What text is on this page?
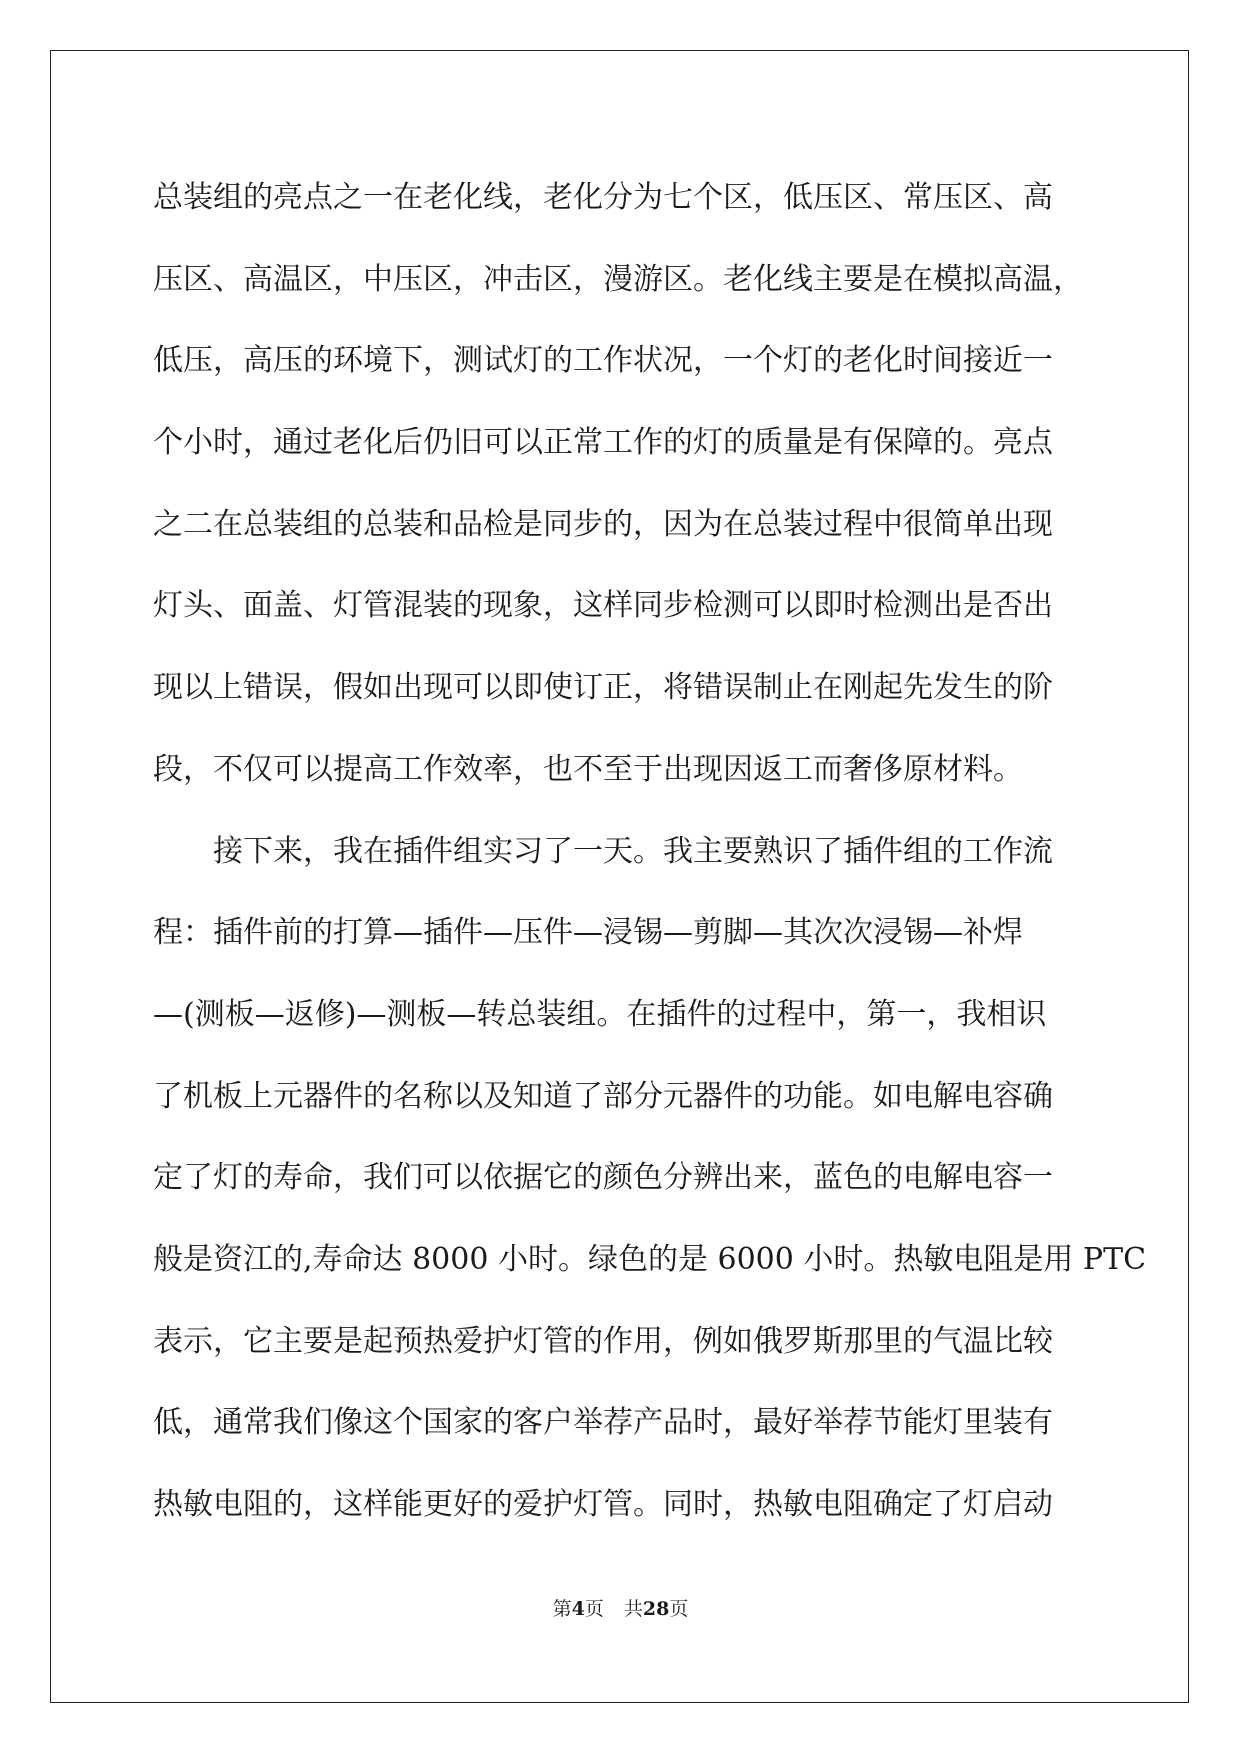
总装组的亮点之一在老化线，老化分为七个区，低压区、常压区、高
压区、高温区，中压区，冲击区，漫游区。老化线主要是在模拟高温，
低压，高压的环境下，测试灯的工作状况，一个灯的老化时间接近一
个小时，通过老化后仍旧可以正常工作的灯的质量是有保障的。亮点
之二在总装组的总装和品检是同步的，因为在总装过程中很简单出现
灯头、面盖、灯管混装的现象，这样同步检测可以即时检测出是否出
现以上错误，假如出现可以即使订正，将错误制止在刚起先发生的阶
段，不仅可以提高工作效率，也不至于出现因返工而奢侈原材料。
　　接下来，我在插件组实习了一天。我主要熟识了插件组的工作流
程：插件前的打算—插件—压件—浸锡—剪脚—其次次浸锡—补焊
—(测板—返修)—测板—转总装组。在插件的过程中，第一，我相识
了机板上元器件的名称以及知道了部分元器件的功能。如电解电容确
定了灯的寿命，我们可以依据它的颜色分辨出来，蓝色的电解电容一
般是资江的,寿命达 8000 小时。绿色的是 6000 小时。热敏电阻是用 PTC
表示，它主要是起预热爱护灯管的作用，例如俄罗斯那里的气温比较
低，通常我们像这个国家的客户举荐产品时，最好举荐节能灯里装有
热敏电阻的，这样能更好的爱护灯管。同时，热敏电阻确定了灯启动
第4页 共28页
